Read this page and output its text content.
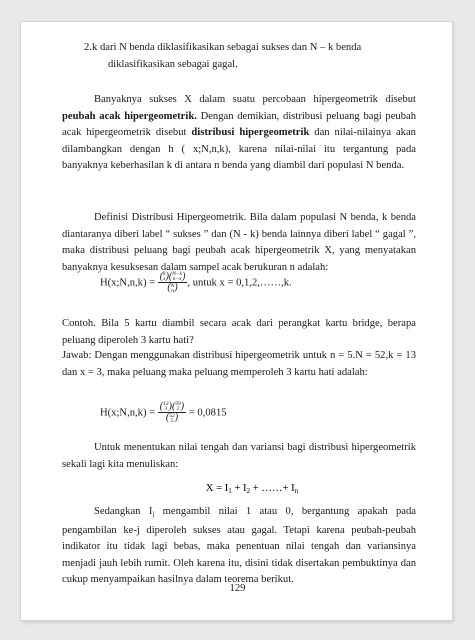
2.k dari N benda diklasifikasikan sebagai sukses dan N – k benda
diklasifikasikan sebagai gagal.
Banyaknya sukses X dalam suatu percobaan hipergeometrik disebut peubah acak hipergeometrik. Dengan demikian, distribusi peluang bagi peubah acak hipergeometrik disebut distribusi hipergeometrik dan nilai-nilainya akan dilambangkan dengan h ( x;N,n,k), karena nilai-nilai itu tergantung pada banyaknya keberhasilan k di antara n benda yang diambil dari populasi N benda.
Definisi Distribusi Hipergeometrik. Bila dalam populasi N benda, k benda diantaranya diberi label “ sukses ” dan (N - k) benda lainnya diberi label “ gagal ”, maka distribusi peluang bagi peubah acak hipergeometrik X, yang menyatakan banyaknya kesuksesan dalam sampel acak berukuran n adalah:
H(x;N,n,k) =
(k
x)(N−k
n−x)
(N
n) , untuk x = 0,1,2,……,k.
Contoh. Bila 5 kartu diambil secara acak dari perangkat kartu bridge, berapa peluang diperoleh 3 kartu hati?
Jawab: Dengan menggunakan distribusi hipergeometrik untuk n = 5.N = 52,k = 13 dan x = 3, maka peluang maka peluang memperoleh 3 kartu hati adalah:
H(x;N,n,k) =
(13
3)(39
2)
(52
5) = 0,0815
Untuk menentukan nilai tengah dan variansi bagi distribusi hipergeometrik sekali lagi kita menuliskan:
$X = I_1 + I_2$ + ……+ $I_n$
Sedangkan $I_j$ mengambil nilai 1 atau 0, bergantung apakah pada pengambilan ke-j diperoleh sukses atau gagal. Tetapi karena peubah-peubah indikator itu tidak lagi bebas, maka penentuan nilai tengah dan variansinya menjadi jauh lebih rumit. Oleh karena itu, disini tidak disertakan pembuktinya dan cukup menyampaikan hasilnya dalam teorema berikut.
129
